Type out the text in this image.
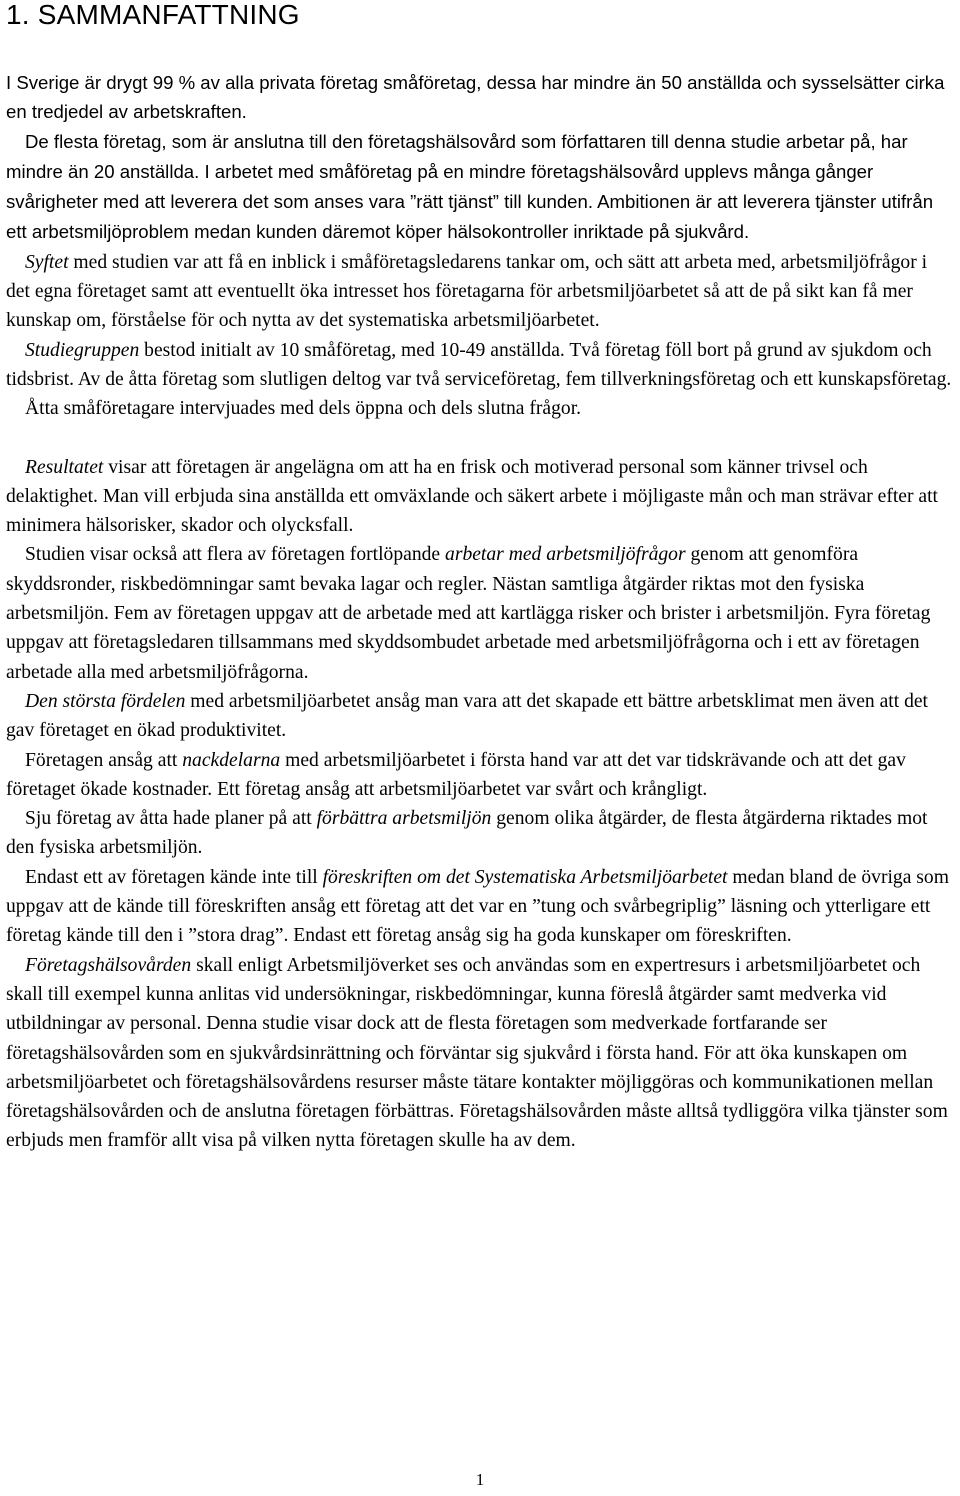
1. SAMMANFATTNING

I Sverige är drygt 99 % av alla privata företag småföretag, dessa har mindre än 50 anställda och sysselsätter cirka en tredjedel av arbetskraften.

De flesta företag, som är anslutna till den företagshälsovård som författaren till denna studie arbetar på, har mindre än 20 anställda. I arbetet med småföretag på en mindre företagshälsovård upplevs många gånger svårigheter med att leverera det som anses vara ”rätt tjänst” till kunden. Ambitionen är att leverera tjänster utifrån ett arbetsmiljöproblem medan kunden däremot köper hälsokontroller inriktade på sjukvård.

Syftet med studien var att få en inblick i småföretagsledarens tankar om, och sätt att arbeta med, arbetsmiljöfrågor i det egna företaget samt att eventuellt öka intresset hos företagarna för arbetsmiljöarbetet så att de på sikt kan få mer kunskap om, förståelse för och nytta av det systematiska arbetsmiljöarbetet.

Studiegruppen bestod initialt av 10 småföretag, med 10-49 anställda. Två företag föll bort på grund av sjukdom och tidsbrist. Av de åtta företag som slutligen deltog var två serviceföretag, fem tillverkningsföretag och ett kunskapsföretag.

Åtta småföretagare intervjuades med dels öppna och dels slutna frågor.

Resultatet visar att företagen är angelägna om att ha en frisk och motiverad personal som känner trivsel och delaktighet. Man vill erbjuda sina anställda ett omväxlande och säkert arbete i möjligaste mån och man strävar efter att minimera hälsorisker, skador och olycksfall.

Studien visar också att flera av företagen fortlöpande arbetar med arbetsmiljöfrågor genom att genomföra skyddsronder, riskbedömningar samt bevaka lagar och regler. Nästan samtliga åtgärder riktas mot den fysiska arbetsmiljön. Fem av företagen uppgav att de arbetade med att kartlägga risker och brister i arbetsmiljön. Fyra företag uppgav att företagsledaren tillsammans med skyddsombudet arbetade med arbetsmiljöfrågorna och i ett av företagen arbetade alla med arbetsmiljöfrågorna.

Den största fördelen med arbetsmiljöarbetet ansåg man vara att det skapade ett bättre arbetsklimat men även att det gav företaget en ökad produktivitet.

Företagen ansåg att nackdelarna med arbetsmiljöarbetet i första hand var att det var tidskrävande och att det gav företaget ökade kostnader. Ett företag ansåg att arbetsmiljöarbetet var svårt och krångligt.

Sju företag av åtta hade planer på att förbättra arbetsmiljön genom olika åtgärder, de flesta åtgärderna riktades mot den fysiska arbetsmiljön.

Endast ett av företagen kände inte till föreskriften om det Systematiska Arbetsmiljöarbetet medan bland de övriga som uppgav att de kände till föreskriften ansåg ett företag att det var en ”tung och svårbegriplig” läsning och ytterligare ett företag kände till den i ”stora drag”. Endast ett företag ansåg sig ha goda kunskaper om föreskriften.

Företagshälsovården skall enligt Arbetsmiljöverket ses och användas som en expertresurs i arbetsmiljöarbetet och skall till exempel kunna anlitas vid undersökningar, riskbedömningar, kunna föreslå åtgärder samt medverka vid utbildningar av personal. Denna studie visar dock att de flesta företagen som medverkade fortfarande ser företagshälsovården som en sjukvårdsinrättning och förväntar sig sjukvård i första hand. För att öka kunskapen om arbetsmiljöarbetet och företagshälsovårdens resurser måste tätare kontakter möjliggöras och kommunikationen mellan företagshälsovården och de anslutna företagen förbättras. Företagshälsovården måste alltså tydliggöra vilka tjänster som erbjuds men framför allt visa på vilken nytta företagen skulle ha av dem.

1
